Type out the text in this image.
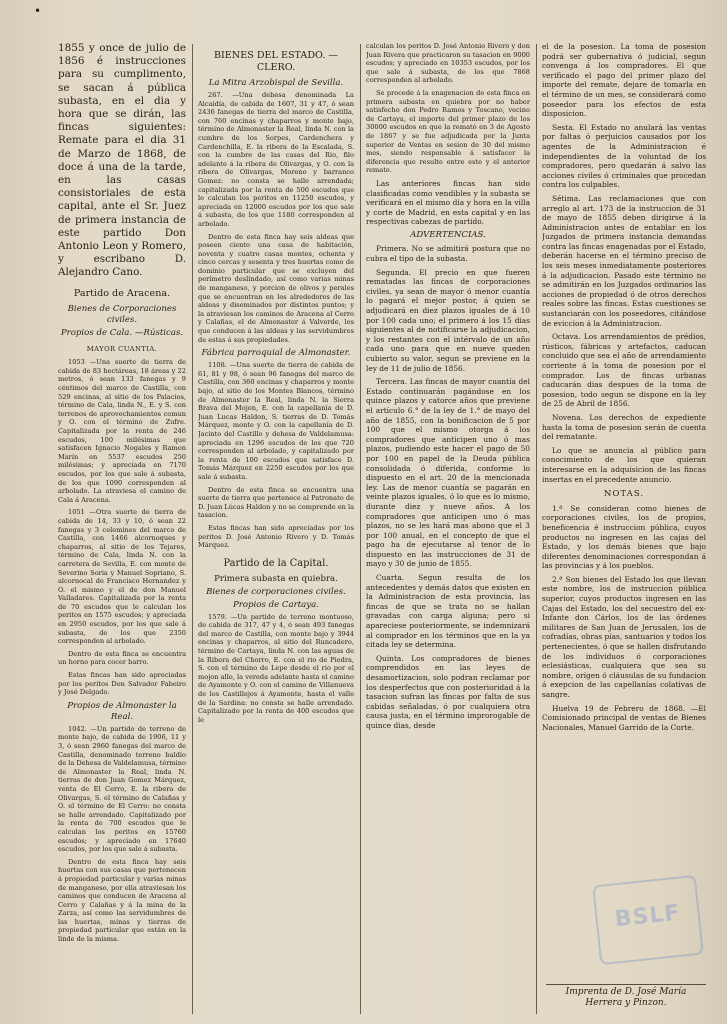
•

1855 y once de julio de 1856 é instrucciones para su cumplimento, se sacan á pública subasta, en el dia y hora que se dirán, las fincas siguientes: Remate para el dia 31 de Marzo de 1868, de doce á una de la tarde, en las casas consistoriales de esta capital, ante el Sr. Juez de primera instancia de este partido Don Antonio Leon y Romero, y escribano D. Alejandro Cano.

Partido de Aracena.
Bienes de Corporaciones civiles.
Propios de Cala. —Rústicas.
MAYOR CUANTIA.

1053 —Una suerte de tierra de cabida de 83 hectáreas, 18 áreas y 22 metros, ó sean 133 fanegas y 9 céntimos del marco de Castilla, con 529 encinas, al sitio de los Palacios, término de Cala, linda N., E. y S. con terrenos de aprovechamientos comun y O. con el término de Zufre. Capitalizada por la renta de 246 escudos, 100 milésimas que satisfacen Ignacio Nogales y Ramon Marín en 5537 escudos 250 milésimas; y apreciada en 7170 escudos, por los que sale á subasta, de los que 1090 corresponden al arbolado. La atraviesa el camino de Cala á Aracena.

1051 —Otra suerte de tierra de cabida de 14, 33 y 10, ó sean 22 fanegas y 3 celemines del marco de Castilla, con 1466 alcornoques y chaparros, al sitio de los Tejares, término de Cala, linda N. con la carretera de Sevilla, E. con monte de Severino Soria y Manuel Sopriano, S. alcornocal de Francisco Hernandez y O. el mismo y el de don Manuel Valladares. Capitalizada por la renta de 70 escudos que le calculan los peritos en 1575 escudos; y apreciada en 2950 escudos, por los que sale á subasta, de los que 2350 corresponden al arbolado.

Dentro de esta finca se encuentra un horno para cocer barro.

Estas fincas han sido apreciadas por los peritos Don Salvador Fabeiro y José Delgado.

Propios de Almonaster la Real.

1042. —Un partido de terreno de monte bajo, de cabida de 1906, 11 y 3, ó sean 2960 fanegas del marco de Castilla, denominado terreno baldío de la Dehesa de Valdelamusa, término de Almonaster la Real, linda N. tierras de don Juan Gomez Márquez, venta de El Cerro, E. la ribera de Olivargas, S. el término de Calañas y O. el término de El Cerro: no consta se halle arrendado. Capitalizado por la renta de 700 escudos que le calculan los peritos en 15760 escudos; y apreciado en 17640 escudos, por los que sale á subasta.

Dentro de esta finca hay seis huertas con sus casas que pertenecen á propiedad particular y varias minas de manganeso, por ella atraviesan los caminos que conducen de Aracena al Cerro y Calañas y á la mina de la Zarza, así como las servidumbres de las huertas, minas y tierras de propiedad particular que están en la linde de la misma.

BIENES DEL ESTADO. —CLERO.
La Mitra Arzobispal de Sevilla.

267. —Una dehesa denominada La Alcaidía, de cabida de 1607, 31 y 47, ó sean 2436 fanegas de tierra del marco de Castilla, con 760 encinas y chaparros y monte bajo, término de Almonaster la Real, linda N. con la cumbre de los Sorpes, Cardenchera y Cardenchilla, E. la ribera de la Escalada, S. con la cumbre de las casas del Rio, filo adelante á la ribera de Olivargas, y O. con la ribera de Olivargas, Moreno y barranco Gomez: no consta se halle arrendada; capitalizada por la renta de 500 escudos que le calculan los peritos en 11250 escudos, y apreciada en 12000 escudos por los que sale á subasta, de los que 1180 corresponden al arbolado.

Dentro de esta finca hay seis aldeas que poseen ciento una casa de habitación, noventa y cuatro casas montes, ochenta y cinco cercas y sesenta y tres huertas como de dominio particular que se excluyen del perímetro deslindado, así como varias minas de manganeso, y porcion de olivos y perales que se encuentran en los alrededores de las aldeas y diseminados por distintos puntos; y la atraviesan los caminos de Aracena al Cerro y Calañas, el de Almonaster á Valverde, los que conducen á las aldeas y las servidumbres de estas á sus propiedades.

Fábrica parroquial de Almonaster.

1108. —Una suerte de tierra de cabida de 61, 81 y 98, ó sean 96 fanegas del marco de Castilla, con 360 encinas y chaparros y monte bajo, al sitio de los Montes Blancos, término de Almonaster la Real, linda N. la Sierra Brava del Mojon, E. con la capellanía de D. Juan Lucas Haldon, S. tierras de D. Tomás Márquez, monte y O. con la capellanía de D. Jacinto del Castillo y dehesa de Valdelamusa: apreciada en 1296 escudos de los que 720 corresponden al arbolado, y capitalizado por la renta de 100 escudos que satisface D. Tomás Márquez en 2250 escudos por los que sale á subasta.

Dentro de esta finca se encuentra una suerte de tierra que pertenece al Patronato de D. Juan Lúcas Haldon y no se comprende en la tasacion.

Estas fincas han sido apreciadas por los peritos D. José Antonio Rivero y D. Tomás Márquez.

Partido de la Capital.
Primera subasta en quiebra.
Bienes de corporaciones civiles.
Propios de Cartaya.

1579. —Un partido de terreno montuoso, de cabida de 317, 47 y 4, ó sean 493 fanegas del marco de Castilla, con monte bajo y 3944 encinas y chaparros, al sitio del Runcadero, término de Cartaya, linda N. con las aguas de la Ribera del Chorro, E. con el rio de Piedra, S. con el término de Lepe desde el rio por el mojon allo, la vereda adelante hasta el camino de Ayamonte y O. con el camino de Villanueva de los Castillejos á Ayamonte, hasta el valle de la Sardina: no consta se halle arrendado. Capitalizado por la renta de 400 escudos que le

calculan los peritos D. José Antonio Rivero y don Juan Rivera que practicaron su tasacion en 9000 escudos; y apreciado en 10353 escudos, por los que sale á subasta, de los que 7868 corresponden al arbolado.

Se procede á la enagenacion de esta finca en primera subasta en quiebra por no haber satisfecho don Pedro Ramos y Toscano, vecino de Cartaya, el importe del primer plazo de los 30000 escudos en que la remató en 3 de Agosto de 1867 y se fue adjudicada por la Junta superior de Ventas en sesion de 30 del mismo mes, siendo responsable á satisfacer la diferencia que resulte entre este y el anterior remate.

Las anteriores fincas han sido clasificadas como vendibles y la subasta se verificará en el mismo dia y hora en la villa y corte de Madrid, en esta capital y en las respectivas cabezas de partido.

ADVERTENCIAS.

Primera. No se admitirá postura que no cubra el tipo de la subasta.

Segunda. El precio en que fueren rematadas las fincas de corporaciones civiles, ya sean de mayor ó menor cuantía lo pagará el mejor postor, á quien se adjudicará en diez plazos iguales de á 10 por 100 cada uno; el primero á los 15 dias siguientes al de notificarse la adjudicacion, y los restantes con el intérvalo de un año cada uno para que en nueve queden cubierto su valor, segun se previene en la ley de 11 de julio de 1856.

Tercera. Las fincas de mayor cuantía del Estado continuarán pagándose en los quince plazos y catorce años que previene el artículo 6.° de la ley de 1.° de mayo del año de 1855, con la bonificacion de 5 por 100 que el mismo otorga á los compradores que anticipen uno ó mas plazos, pudiendo este hacer el pago de 50 por 100 en papel de la Deuda pública consolidada ó diferida, conforme lo dispuesto en el art. 20 de la mencionada ley. Las de menor cuantía se pagarán en veinte plazos iguales, ó lo que es lo mismo, durante diez y nueve años. A los compradores que anticipen uno ó mas plazos, no se les hará mas abono que el 3 por 100 anual, en el concepto de que el pago ha de ejecutarse al tenor de lo dispuesto en las instrucciones de 31 de mayo y 30 de junio de 1855.

Cuarta. Segun resulta de los antecedentes y demás datos que existen en la Administracion de esta provincia, las fincas de que se trata no se hallan gravadas con carga alguna; pero si apareciese posteriormente, se indemnizará al comprador en los términos que en la ya citada ley se determina.

Quinta. Los compradores de bienes comprendidos en las leyes de desamortizacion, solo podran reclamar por los desperfectos que con posterioridad á la tasacion sufran las fincas por falta de sus cabidas señaladas, ó por cualquiera otra causa justa, en el término improrogable de quince dias, desde

el de la posesion. La toma de posesion podrá ser gubernativa ó judicial, segun convenga á los compradores. El que verificado el pago del primer plazo del importe del remate, dejare de tomarla en el término de un mes, se considerará como poseedor para los efectos de esta disposicion.

Sesta. El Estado no anulará las ventas por faltas ó perjuicios causados por los agentes de la Administracion é independientes de la voluntad de los compradores, pero quedarán á salvo las acciones civiles ó criminales que procedan contra los culpables.

Sétima. Las reclamaciones que con arreglo al art. 173 de la instruccion de 31 de mayo de 1855 deben dirigirse á la Administracion antes de entablar en los Juzgados de primera instancia demandas contra las fincas enagenadas por el Estado, deberán hacerse en el término preciso de los seis meses inmediatamente posteriores á la adjudicacion. Pasado este término no se admitirán en los Juzgados ordinarios las acciones de propiedad ó de otros derechos reales sobre las fincas. Estas cuestiones se sustanciarán con los poseedores, citándose de eviccion á la Administracion.

Octava. Los arrendamientos de prédios, rústicos, fábricas y artefactos, caducan concluido que sea el año de arrendamiento corriente á la toma de posesion por el comprador. Los de fincas urbanas caducarán dias despues de la toma de posesion, todo segun se dispone en la ley de 25 de Abril de 1856.

Novena. Los derechos de expediente hasta la toma de posesion serán de cuenta del rematante.

Lo que se anuncia al público para conocimiento de los que quieran interesarse en la adquisicion de las fincas insertas en el precedente anuncio.

NOTAS.

1.ª Se consideran como bienes de corporaciones civiles, los de propios, beneficencia é instruccion pública, cuyos productos no ingresen en las cajas del Estado, y los demás bienes que bajo diferentes denominaciones correspondan á las provincias y á los pueblos.

2.ª Son bienes del Estado los que llevan este nombre, los de instruccion pública superior, cuyos productos ingresen en las Cajas del Estado, los del secuestro del ex-Infante don Cárlos, los de las órdenes militares de San Juan de Jerusalen, los de cofradías, obras pías, santuarios y todos los pertenecientes, ó que se hallen disfrutando de los individuos ó corporaciones eclesiásticas, cualquiera que sea su nombre, orígen ó cláusulas de su fundacion á exepcion de las capellanías colativas de sangre.

Huelva 19 de Febrero de 1868. —El Comisionado principal de ventas de Bienes Nacionales, Manuel Garrido de la Corte.

BSLF
Imprenta de D. José María Herrera y Pinzon.
